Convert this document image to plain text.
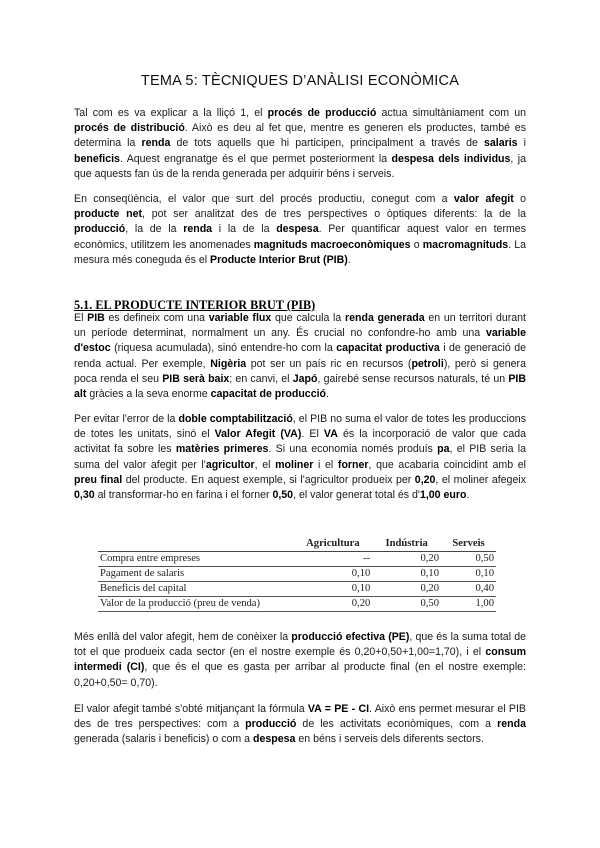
TEMA 5: TÈCNIQUES D’ANÀLISI ECONÒMICA

Tal com es va explicar a la lliçó 1, el procés de producció actua simultàniament com un procés de distribució. Això es deu al fet que, mentre es generen els productes, també es determina la renda de tots aquells que hi participen, principalment a través de salaris i beneficis. Aquest engranatge és el que permet posteriorment la despesa dels individus, ja que aquests fan ús de la renda generada per adquirir béns i serveis.

En conseqüència, el valor que surt del procés productiu, conegut com a valor afegit o producte net, pot ser analitzat des de tres perspectives o òptiques diferents: la de la producció, la de la renda i la de la despesa. Per quantificar aquest valor en termes econòmics, utilitzem les anomenades magnituds macroeconòmiques o macromagnituds. La mesura més coneguda és el Producte Interior Brut (PIB).

5.1. EL PRODUCTE INTERIOR BRUT (PIB)

El PIB es defineix com una variable flux que calcula la renda generada en un territori durant un període determinat, normalment un any. És crucial no confondre-ho amb una variable d'estoc (riquesa acumulada), sinó entendre-ho com la capacitat productiva i de generació de renda actual. Per exemple, Nigèria pot ser un país ric en recursos (petroli), però si genera poca renda el seu PIB serà baix; en canvi, el Japó, gairebé sense recursos naturals, té un PIB alt gràcies a la seva enorme capacitat de producció.

Per evitar l'error de la doble comptabilització, el PIB no suma el valor de totes les produccions de totes les unitats, sinó el Valor Afegit (VA). El VA és la incorporació de valor que cada activitat fa sobre les matèries primeres. Si una economia només produís pa, el PIB seria la suma del valor afegit per l'agricultor, el moliner i el forner, que acabaria coincidint amb el preu final del producte. En aquest exemple, si l'agricultor produeix per 0,20, el moliner afegeix 0,30 al transformar-ho en farina i el forner 0,50, el valor generat total és d'1,00 euro.

	Agricultura	Indústria	Serveis
Compra entre empreses	--	0,20	0,50
Pagament de salaris	0,10	0,10	0,10
Beneficis del capital	0,10	0,20	0,40
Valor de la producció (preu de venda)	0,20	0,50	1,00

Més enllà del valor afegit, hem de conèixer la producció efectiva (PE), que és la suma total de tot el que produeix cada sector (en el nostre exemple és 0,20+0,50+1,00=1,70), i el consum intermedi (CI), que és el que es gasta per arribar al producte final (en el nostre exemple: 0,20+0,50= 0,70).

El valor afegit també s'obté mitjançant la fórmula VA = PE - CI. Això ens permet mesurar el PIB des de tres perspectives: com a producció de les activitats econòmiques, com a renda generada (salaris i beneficis) o com a despesa en béns i serveis dels diferents sectors.
